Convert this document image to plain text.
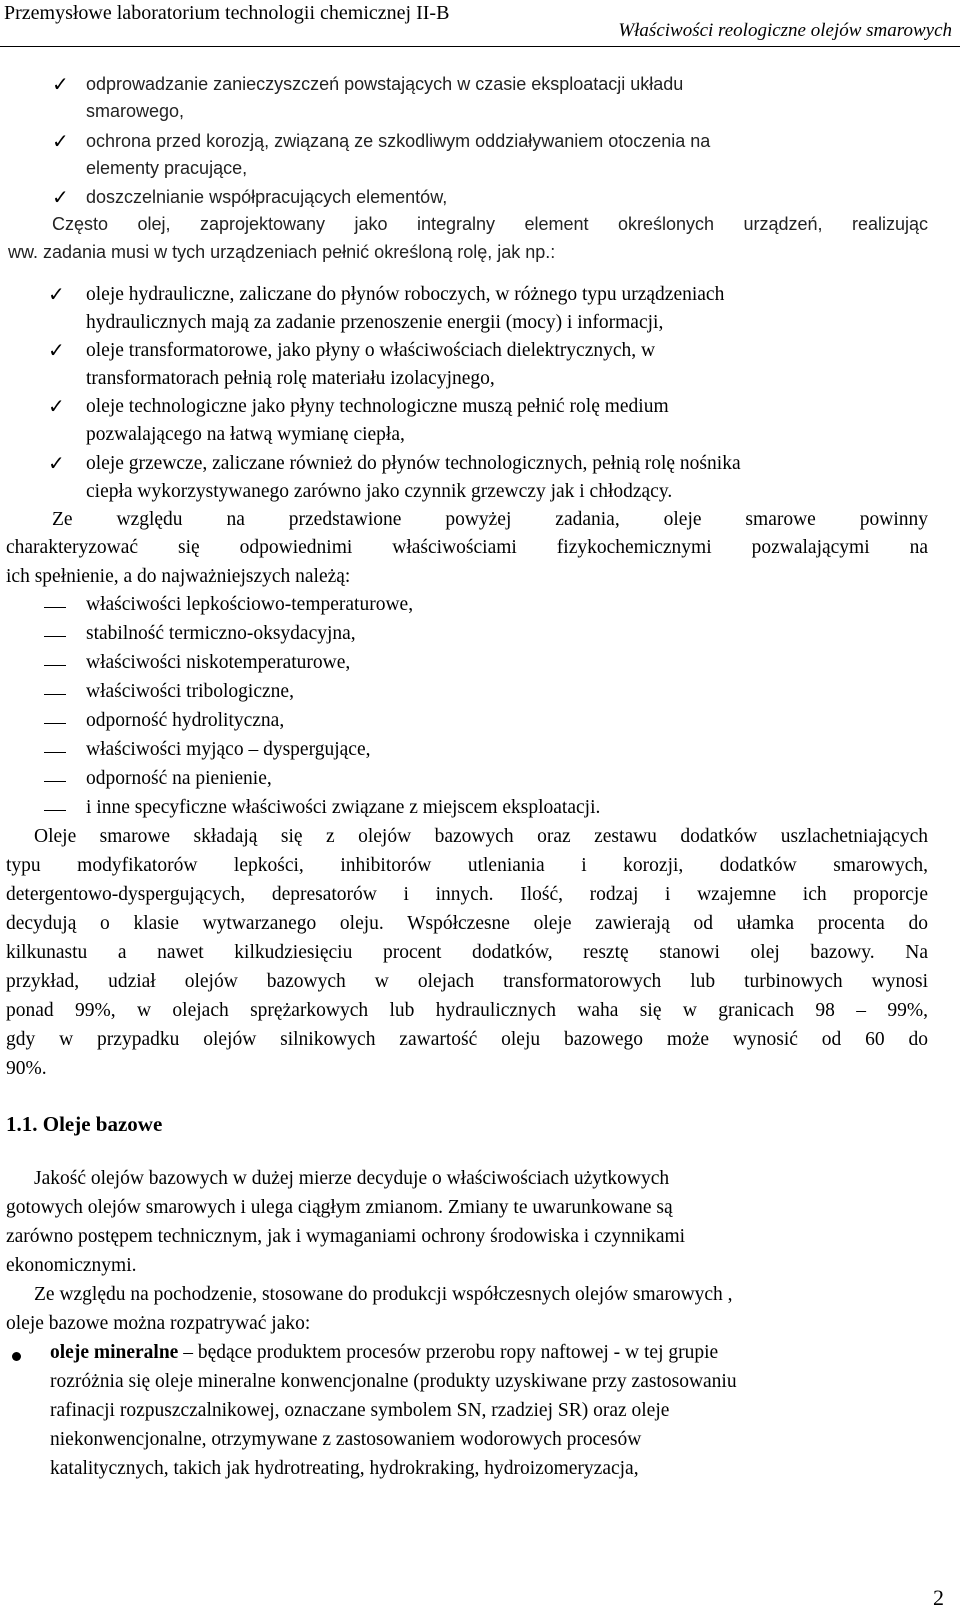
Przemysłowe laboratorium technologii chemicznej II-B
Właściwości reologiczne olejów smarowych
✓ odprowadzanie zanieczyszczeń powstających w czasie eksploatacji układu
smarowego,
✓ ochrona przed korozją, związaną ze szkodliwym oddziaływaniem otoczenia na
elementy pracujące,
✓ doszczelnianie współpracujących elementów,
Często olej, zaprojektowany jako integralny element określonych urządzeń, realizując
ww. zadania musi w tych urządzeniach pełnić określoną rolę, jak np.:
✓ oleje hydrauliczne, zaliczane do płynów roboczych, w różnego typu urządzeniach
hydraulicznych mają za zadanie przenoszenie energii (mocy) i informacji,
✓ oleje transformatorowe, jako płyny o właściwościach dielektrycznych, w
transformatorach pełnią rolę materiału izolacyjnego,
✓ oleje technologiczne jako płyny technologiczne muszą pełnić rolę medium
pozwalającego na łatwą wymianę ciepła,
✓ oleje grzewcze, zaliczane również do płynów technologicznych, pełnią rolę nośnika
ciepła wykorzystywanego zarówno jako czynnik grzewczy jak i chłodzący.
Ze względu na przedstawione powyżej zadania, oleje smarowe powinny
charakteryzować się odpowiednimi właściwościami fizykochemicznymi pozwalającymi na
ich spełnienie, a do najważniejszych należą:
właściwości lepkościowo-temperaturowe,
stabilność termiczno-oksydacyjna,
właściwości niskotemperaturowe,
właściwości tribologiczne,
odporność hydrolityczna,
właściwości myjąco – dyspergujące,
odporność na pienienie,
i inne specyficzne właściwości związane z miejscem eksploatacji.
Oleje smarowe składają się z olejów bazowych oraz zestawu dodatków uszlachetniających
typu modyfikatorów lepkości, inhibitorów utleniania i korozji, dodatków smarowych,
detergentowo-dyspergujących, depresatorów i innych. Ilość, rodzaj i wzajemne ich proporcje
decydują o klasie wytwarzanego oleju. Współczesne oleje zawierają od ułamka procenta do
kilkunastu a nawet kilkudziesięciu procent dodatków, resztę stanowi olej bazowy. Na
przykład, udział olejów bazowych w olejach transformatorowych lub turbinowych wynosi
ponad 99%, w olejach sprężarkowych lub hydraulicznych waha się w granicach 98 – 99%,
gdy w przypadku olejów silnikowych zawartość oleju bazowego może wynosić od 60 do
90%.
1.1. Oleje bazowe
Jakość olejów bazowych w dużej mierze decyduje o właściwościach użytkowych
gotowych olejów smarowych i ulega ciągłym zmianom. Zmiany te uwarunkowane są
zarówno postępem technicznym, jak i wymaganiami ochrony środowiska i czynnikami
ekonomicznymi.
Ze względu na pochodzenie, stosowane do produkcji współczesnych olejów smarowych ,
oleje bazowe można rozpatrywać jako:
oleje mineralne – będące produktem procesów przerobu ropy naftowej - w tej grupie
rozróżnia się oleje mineralne konwencjonalne (produkty uzyskiwane przy zastosowaniu
rafinacji rozpuszczalnikowej, oznaczane symbolem SN, rzadziej SR) oraz oleje
niekonwencjonalne, otrzymywane z zastosowaniem wodorowych procesów
katalitycznych, takich jak hydrotreating, hydrokraking, hydroizomeryzacja,
2
